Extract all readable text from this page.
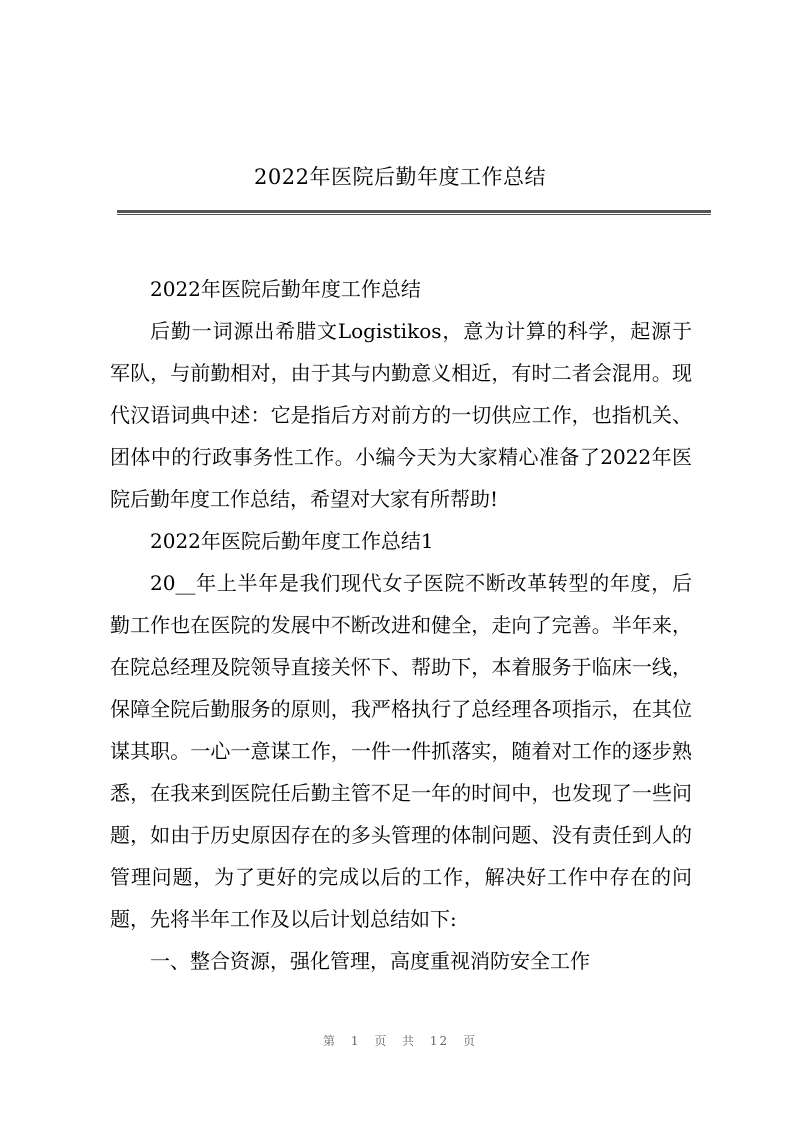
2022年医院后勤年度工作总结

2022年医院后勤年度工作总结

后勤一词源出希腊文Logistikos，意为计算的科学，起源于军队，与前勤相对，由于其与内勤意义相近，有时二者会混用。现代汉语词典中述：它是指后方对前方的一切供应工作，也指机关、团体中的行政事务性工作。小编今天为大家精心准备了2022年医院后勤年度工作总结，希望对大家有所帮助!

2022年医院后勤年度工作总结1

20__年上半年是我们现代女子医院不断改革转型的年度，后勤工作也在医院的发展中不断改进和健全，走向了完善。半年来，在院总经理及院领导直接关怀下、帮助下，本着服务于临床一线，保障全院后勤服务的原则，我严格执行了总经理各项指示，在其位谋其职。一心一意谋工作，一件一件抓落实，随着对工作的逐步熟悉，在我来到医院任后勤主管不足一年的时间中，也发现了一些问题，如由于历史原因存在的多头管理的体制问题、没有责任到人的管理问题，为了更好的完成以后的工作，解决好工作中存在的问题，先将半年工作及以后计划总结如下:

一、整合资源，强化管理，高度重视消防安全工作

第 1 页 共 12 页
